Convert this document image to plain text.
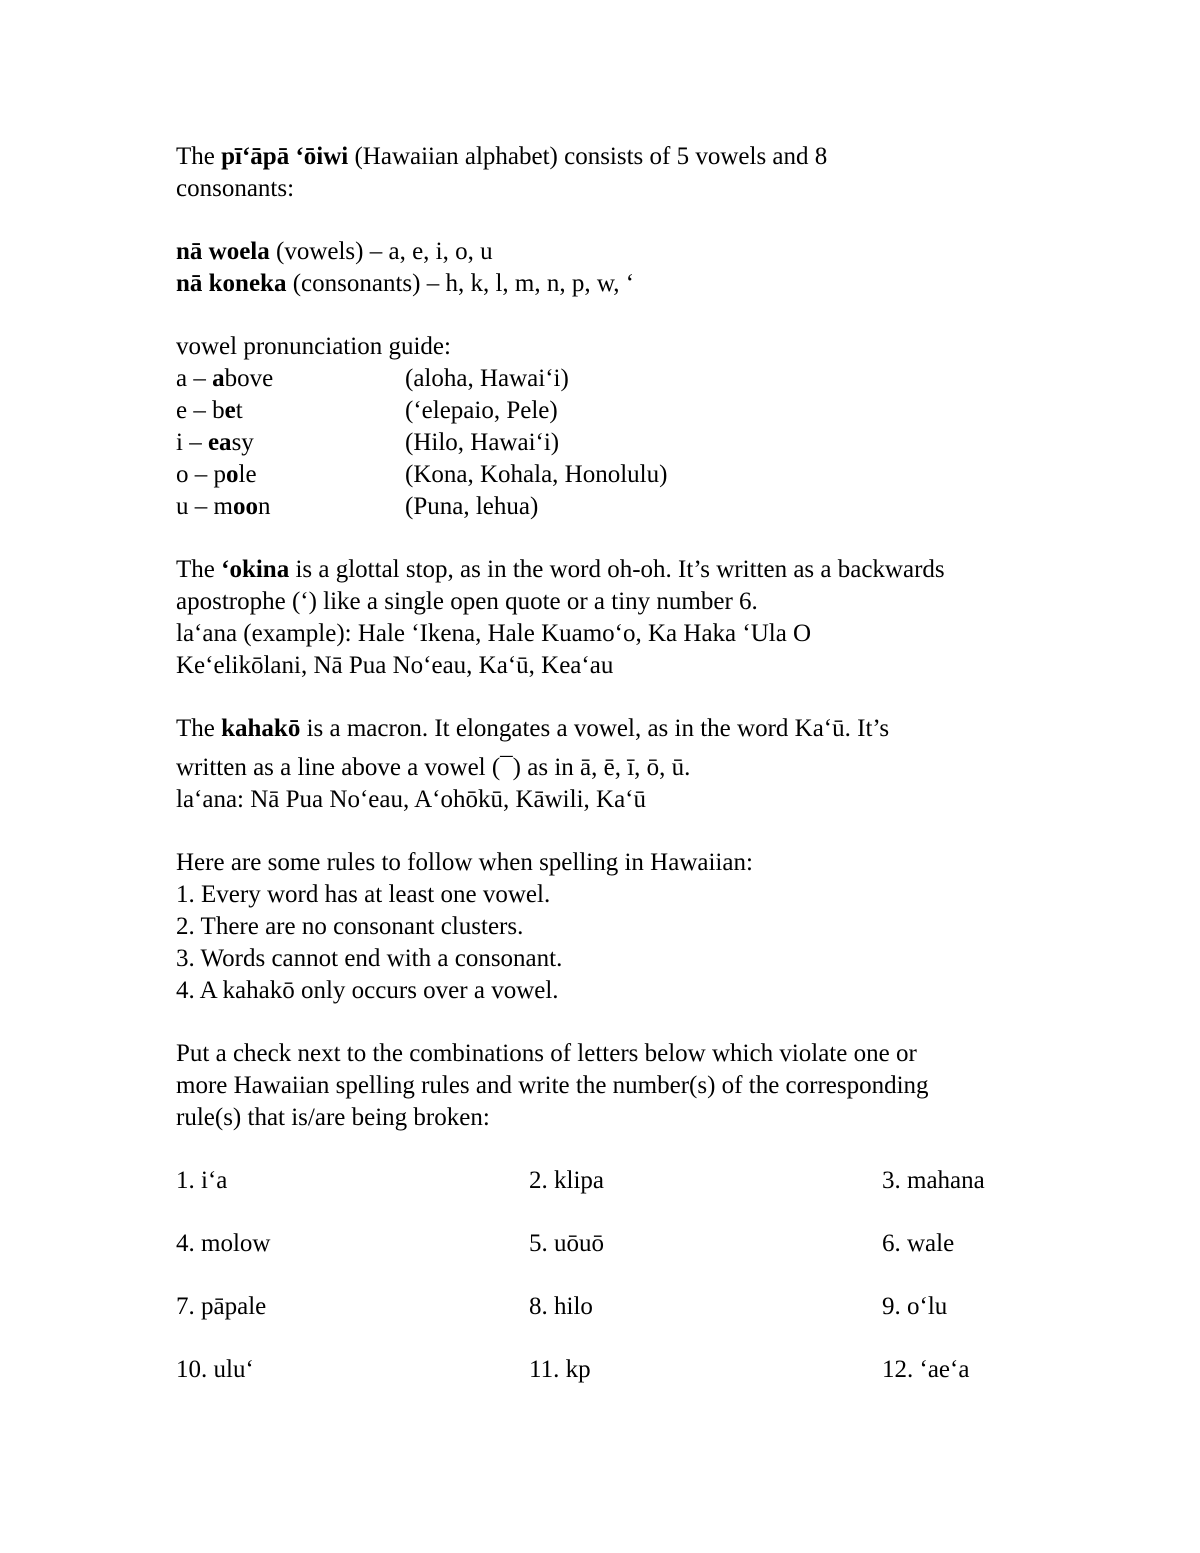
The pīʻāpā ʻōiwi (Hawaiian alphabet) consists of 5 vowels and 8
consonants:
nā woela (vowels) – a, e, i, o, u
nā koneka (consonants) – h, k, l, m, n, p, w, ʻ
vowel pronunciation guide:
a – above	(aloha, Hawaiʻi)
e – bet	(ʻelepaio, Pele)
i – easy	(Hilo, Hawaiʻi)
o – pole	(Kona, Kohala, Honolulu)
u – moon	(Puna, lehua)
The ʻokina is a glottal stop, as in the word oh-oh. It’s written as a backwards
apostrophe (ʻ) like a single open quote or a tiny number 6.
laʻana (example): Hale ʻIkena, Hale Kuamoʻo, Ka Haka ʻUla O
Keʻelikōlani, Nā Pua Noʻeau, Kaʻū, Keaʻau
The kahakō is a macron. It elongates a vowel, as in the word Kaʻū. It’s
written as a line above a vowel (¯) as in ā, ē, ī, ō, ū.
laʻana: Nā Pua Noʻeau, Aʻohōkū, Kāwili, Kaʻū
Here are some rules to follow when spelling in Hawaiian:
1. Every word has at least one vowel.
2. There are no consonant clusters.
3. Words cannot end with a consonant.
4. A kahakō only occurs over a vowel.
Put a check next to the combinations of letters below which violate one or
more Hawaiian spelling rules and write the number(s) of the corresponding
rule(s) that is/are being broken:
1. iʻa	2. klipa	3. mahana
4. molow	5. uōuō	6. wale
7. pāpale	8. hilo	9. oʻlu
10. uluʻ	11. kp	12. ʻaeʻa
